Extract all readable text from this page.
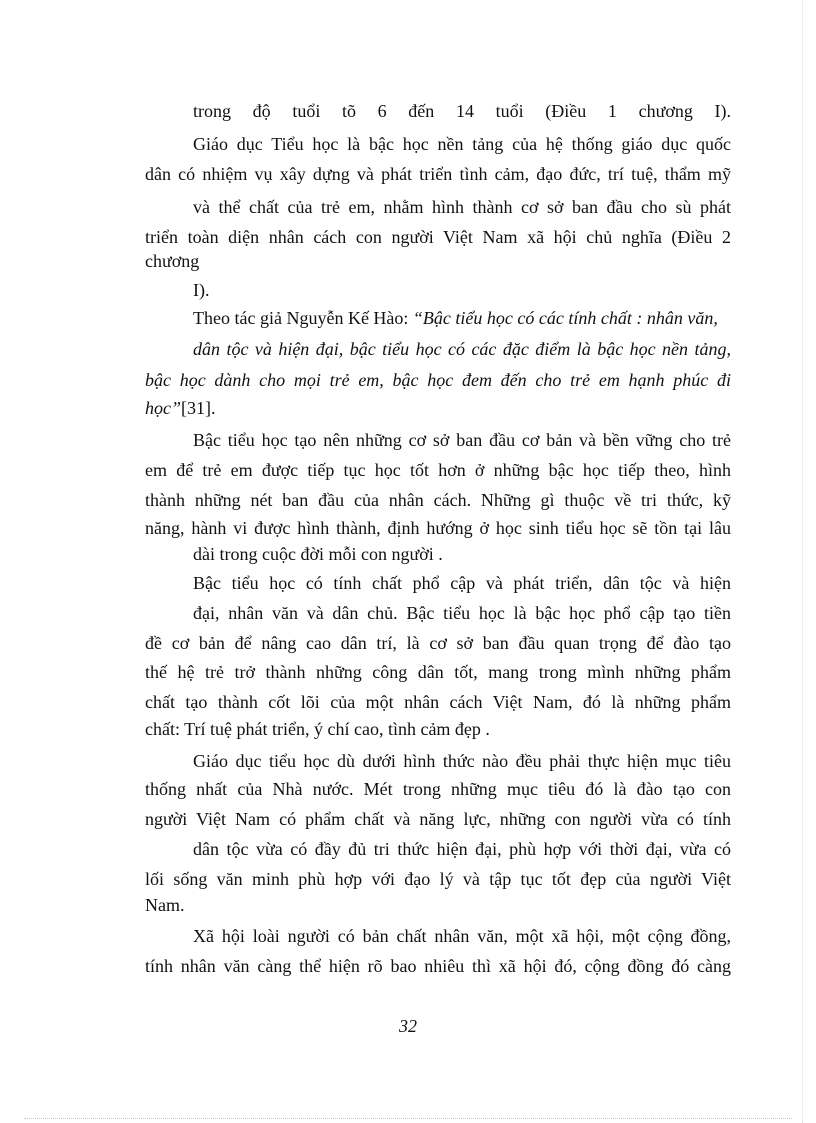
trong độ tuổi tõ 6 đến 14 tuổi (Điều 1 chương I).
Giáo dục Tiểu học là bậc học nền tảng của hệ thống giáo dục quốc
dân có nhiệm vụ xây dựng và phát triển tình cảm, đạo đức, trí tuệ, thẩm mỹ
và thể chất của trẻ em, nhằm hình thành cơ sở ban đầu cho sù phát
triển toàn diện nhân cách con người Việt Nam xã hội chủ nghĩa (Điều 2
chương
I).
Theo tác giả Nguyễn Kế Hào: “Bậc tiểu học có các tính chất : nhân văn,
dân tộc và hiện đại, bậc tiểu học có các đặc điểm là bậc học nền tảng,
bậc học dành cho mọi trẻ em, bậc học đem đến cho trẻ em hạnh phúc đi
học”[31].
Bậc tiểu học tạo nên những cơ sở ban đầu cơ bản và bền vững cho trẻ
em để trẻ em được tiếp tục học tốt hơn ở những bậc học tiếp theo, hình
thành những nét ban đầu của nhân cách. Những gì thuộc về tri thức, kỹ
năng, hành vi được hình thành, định hướng ở học sinh tiểu học sẽ tồn tại lâu
dài trong cuộc đời mỗi con người .
Bậc tiểu học có tính chất phổ cập và phát triển, dân tộc và hiện
đại, nhân văn và dân chủ. Bậc tiểu học là bậc học phổ cập tạo tiền
đề cơ bản để nâng cao dân trí, là cơ sở ban đầu quan trọng để đào tạo
thế hệ trẻ trở thành những công dân tốt, mang trong mình những phẩm
chất tạo thành cốt lõi của một nhân cách Việt Nam, đó là những phẩm
chất: Trí tuệ phát triển, ý chí cao, tình cảm đẹp .
Giáo dục tiểu học dù dưới hình thức nào đều phải thực hiện mục tiêu
thống nhất của Nhà nước. Mét trong những mục tiêu đó là đào tạo con
người Việt Nam có phẩm chất và năng lực, những con người vừa có tính
dân tộc vừa có đầy đủ tri thức hiện đại, phù hợp với thời đại, vừa có
lối sống văn minh phù hợp với đạo lý và tập tục tốt đẹp của người Việt
Nam.
Xã hội loài người có bản chất nhân văn, một xã hội, một cộng đồng,
tính nhân văn càng thể hiện rõ bao nhiêu thì xã hội đó, cộng đồng đó càng
32
